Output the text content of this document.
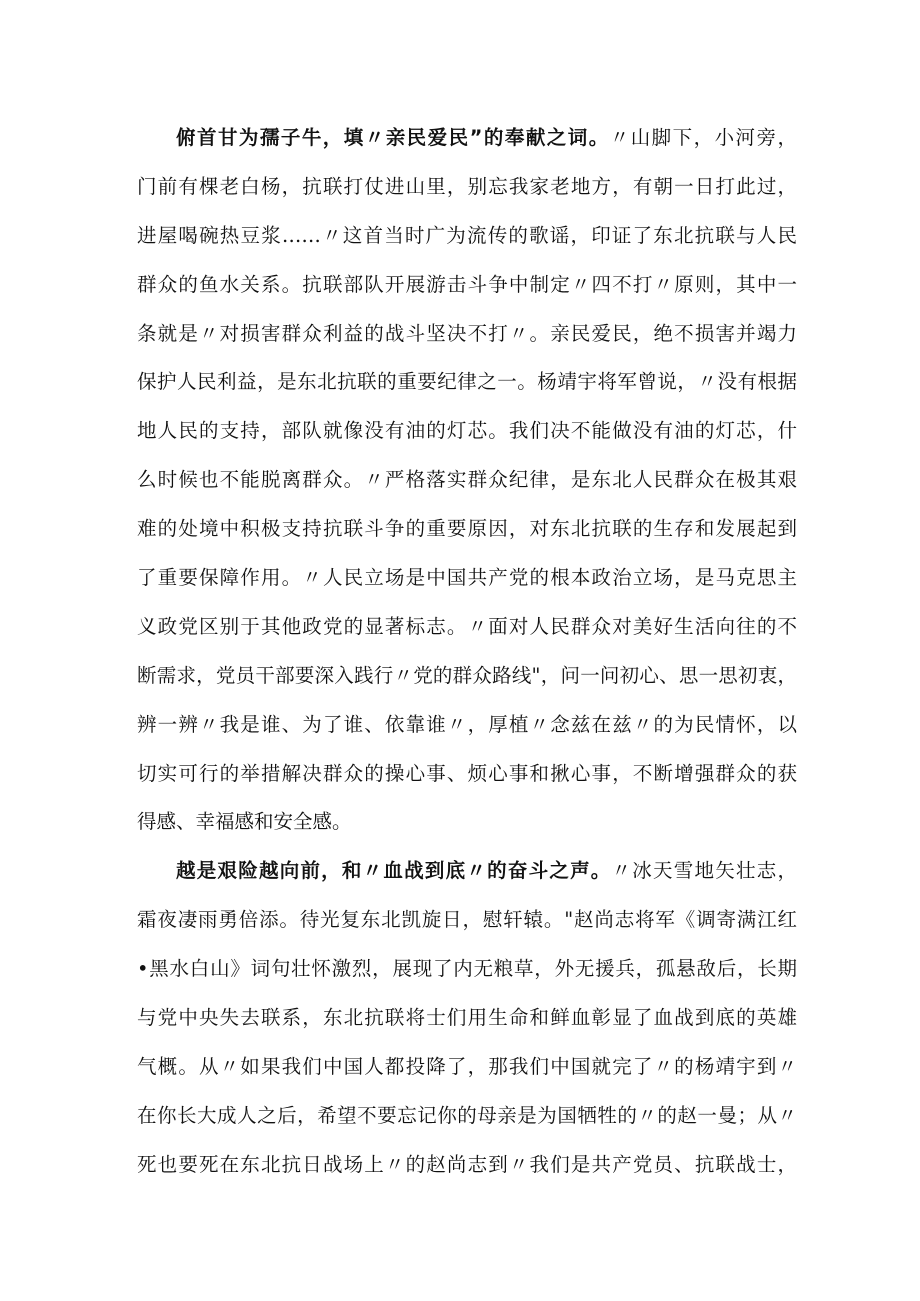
俯首甘为孺子牛，填〃亲民爱民”的奉献之词。〃山脚下，小河旁，
门前有棵老白杨，抗联打仗进山里，别忘我家老地方，有朝一日打此过，
进屋喝碗热豆浆……〃这首当时广为流传的歌谣，印证了东北抗联与人民
群众的鱼水关系。抗联部队开展游击斗争中制定〃四不打〃原则，其中一
条就是〃对损害群众利益的战斗坚决不打〃。亲民爱民，绝不损害并竭力
保护人民利益，是东北抗联的重要纪律之一。杨靖宇将军曾说，〃没有根据
地人民的支持，部队就像没有油的灯芯。我们决不能做没有油的灯芯，什
么时候也不能脱离群众。〃严格落实群众纪律，是东北人民群众在极其艰
难的处境中积极支持抗联斗争的重要原因，对东北抗联的生存和发展起到
了重要保障作用。〃人民立场是中国共产党的根本政治立场，是马克思主
义政党区别于其他政党的显著标志。〃面对人民群众对美好生活向往的不
断需求，党员干部要深入践行〃党的群众路线"，问一问初心、思一思初衷，
辨一辨〃我是谁、为了谁、依靠谁〃，厚植〃念兹在兹〃的为民情怀，以
切实可行的举措解决群众的操心事、烦心事和揪心事，不断增强群众的获
得感、幸福感和安全感。
越是艰险越向前，和〃血战到底〃的奋斗之声。〃冰天雪地矢壮志，
霜夜凄雨勇倍添。待光复东北凯旋日，慰轩辕。"赵尚志将军《调寄满江红
•黑水白山》词句壮怀激烈，展现了内无粮草，外无援兵，孤悬敌后，长期
与党中央失去联系，东北抗联将士们用生命和鲜血彰显了血战到底的英雄
气概。从〃如果我们中国人都投降了，那我们中国就完了〃的杨靖宇到〃
在你长大成人之后，希望不要忘记你的母亲是为国牺牲的〃的赵一曼；从〃
死也要死在东北抗日战场上〃的赵尚志到〃我们是共产党员、抗联战士，
